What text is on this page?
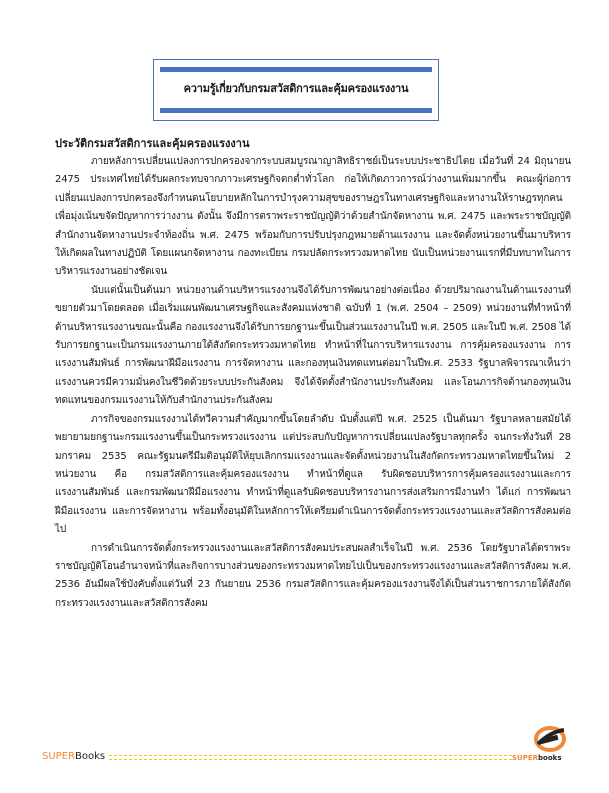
ความรู้เกี่ยวกับกรมสวัสดิการและคุ้มครองแรงงาน
ประวัติกรมสวัสดิการและคุ้มครองแรงงาน

ภายหลังการเปลี่ยนแปลงการปกครองจากระบบสมบูรณาญาสิทธิราชย์เป็นระบบประชาธิปไตย เมื่อวันที่ 24 มิถุนายน 2475 ประเทศไทยได้รับผลกระทบจากภาวะเศรษฐกิจตกต่ำทั่วโลก ก่อให้เกิดภาวการณ์ว่างงานเพิ่มมากขึ้น คณะผู้ก่อการเปลี่ยนแปลงการปกครองจึงกำหนดนโยบายหลักในการบำรุงความสุขของราษฎรในทางเศรษฐกิจและหางานให้ราษฎรทุกคน เพื่อมุ่งเน้นขจัดปัญหาการว่างงาน ดังนั้น จึงมีการตราพระราชบัญญัติว่าด้วยสำนักจัดหางาน พ.ศ. 2475 และพระราชบัญญัติสำนักงานจัดหางานประจำท้องถิ่น พ.ศ. 2475 พร้อมกับการปรับปรุงกฎหมายด้านแรงงาน และจัดตั้งหน่วยงานขึ้นมาบริหารให้เกิดผลในทางปฏิบัติ โดยแผนกจัดหางาน กองทะเบียน กรมปลัดกระทรวงมหาดไทย นับเป็นหน่วยงานแรกที่มีบทบาทในการบริหารแรงงานอย่างชัดเจน

นับแต่นั้นเป็นต้นมา หน่วยงานด้านบริหารแรงงานจึงได้รับการพัฒนาอย่างต่อเนื่อง ด้วยปริมาณงานในด้านแรงงานที่ขยายตัวมาโดยตลอด เมื่อเริ่มแผนพัฒนาเศรษฐกิจและสังคมแห่งชาติ ฉบับที่ 1 (พ.ศ. 2504 – 2509) หน่วยงานที่ทำหน้าที่ด้านบริหารแรงงานขณะนั้นคือ กองแรงงานจึงได้รับการยกฐานะขึ้นเป็นส่วนแรงงานในปี พ.ศ. 2505 และในปี พ.ศ. 2508 ได้รับการยกฐานะเป็นกรมแรงงานภายใต้สังกัดกระทรวงมหาดไทย ทำหน้าที่ในการบริหารแรงงาน การคุ้มครองแรงงาน การแรงงานสัมพันธ์ การพัฒนาฝีมือแรงงาน การจัดหางาน และกองทุนเงินทดแทนต่อมาในปีพ.ศ. 2533 รัฐบาลพิจารณาเห็นว่าแรงงานควรมีความมั่นคงในชีวิตด้วยระบบประกันสังคม จึงได้จัดตั้งสำนักงานประกันสังคม และโอนภารกิจด้านกองทุนเงินทดแทนของกรมแรงงานให้กับสำนักงานประกันสังคม

ภารกิจของกรมแรงงานได้ทวีความสำคัญมากขึ้นโดยลำดับ นับตั้งแต่ปี พ.ศ. 2525 เป็นต้นมา รัฐบาลหลายสมัยได้พยายามยกฐานะกรมแรงงานขึ้นเป็นกระทรวงแรงงาน แต่ประสบกับปัญหาการเปลี่ยนแปลงรัฐบาลทุกครั้ง จนกระทั่งวันที่ 28 มกราคม 2535 คณะรัฐมนตรีมีมติอนุมัติให้ยุบเลิกกรมแรงงานและจัดตั้งหน่วยงานในสังกัดกระทรวงมหาดไทยขึ้นใหม่ 2 หน่วยงาน คือ กรมสวัสดิการและคุ้มครองแรงงาน ทำหน้าที่ดูแล รับผิดชอบบริหารการคุ้มครองแรงงานและการแรงงานสัมพันธ์ และกรมพัฒนาฝีมือแรงงาน ทำหน้าที่ดูแลรับผิดชอบบริหารงานการส่งเสริมการมีงานทำ ได้แก่ การพัฒนาฝีมือแรงงาน และการจัดหางาน พร้อมทั้งอนุมัติในหลักการให้เตรียมดำเนินการจัดตั้งกระทรวงแรงงานและสวัสดิการสังคมต่อไป

การดำเนินการจัดตั้งกระทรวงแรงงานและสวัสดิการสังคมประสบผลสำเร็จในปี พ.ศ. 2536 โดยรัฐบาลได้ตราพระราชบัญญัติโอนอำนาจหน้าที่และกิจการบางส่วนของกระทรวงมหาดไทยไปเป็นของกระทรวงแรงงานและสวัสดิการสังคม พ.ศ. 2536 อันมีผลใช้บังคับตั้งแต่วันที่ 23 กันยายน 2536 กรมสวัสดิการและคุ้มครองแรงงานจึงได้เป็นส่วนราชการภายใต้สังกัดกระทรวงแรงงานและสวัสดิการสังคม

SUPER Books	SUPERbooks
